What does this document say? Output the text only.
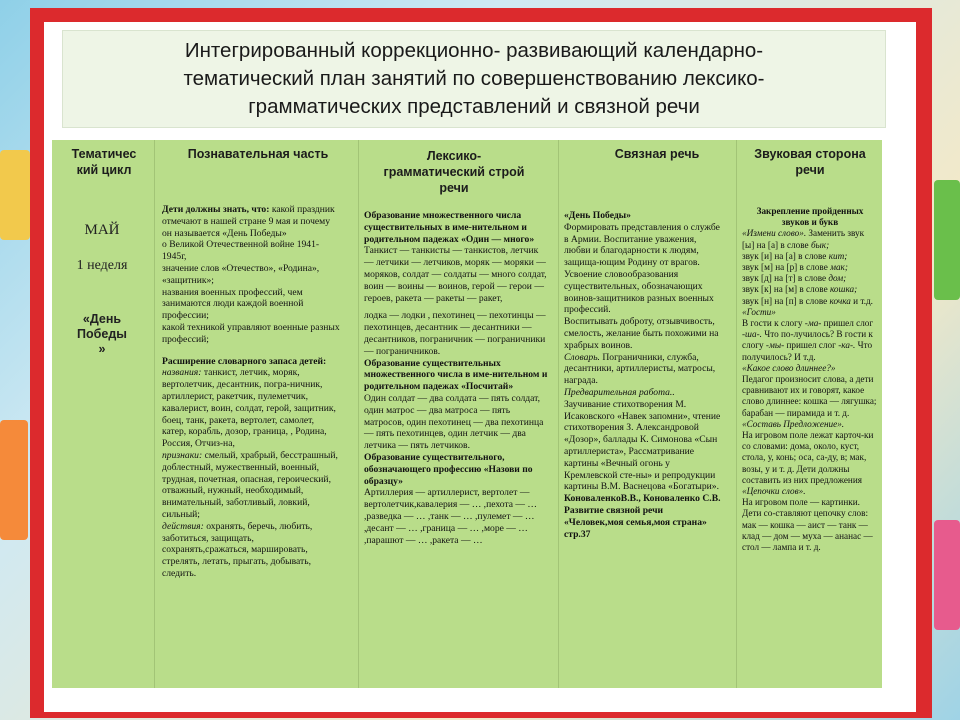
Интегрированный коррекционно- развивающий календарно-
тематический план занятий по совершенствованию лексико-
грамматических представлений и связной речи
Тематичес
кий цикл
Познавательная часть	Лексико-
грамматический строй
речи
Связная речь	Звуковая сторона
речи
МАЙ
1 неделя
«День
Победы
»

Дети должны знать, что: какой праздник отмечают в нашей стране 9 мая и почему он называется «День Победы»

о Великой Отечественной войне 1941-1945г,

значение слов «Отечество», «Родина», «защитник»;

названия военных профессий, чем занимаются люди каждой военной профессии;

какой техникой управляют военные разных профессий;

Расширение словарного запаса детей:

названия: танкист, летчик, моряк, вертолетчик, десантник, погра-ничник, артиллерист, ракетчик, пулеметчик, кавалерист, воин, солдат, герой, защитник, боец, танк, ракета, вертолет, самолет, катер, корабль, дозор, граница, , Родина, Россия, Отчиз-на,

признаки: смелый, храбрый, бесстрашный, доблестный, мужественный, военный, трудная, почетная, опасная, героический, отважный, нужный, необходимый, внимательный, заботливый, ловкий, сильный;

действия: охранять, беречь, любить, заботиться, защищать, сохранять,сражаться, маршировать, стрелять, летать, прыгать, добывать, следить.

Образование множественного числа существительных в име-нительном и родительном падежах «Один — много»

Танкист — танкисты — танкистов, летчик — летчики — летчиков, моряк — моряки — моряков, солдат — солдаты — много солдат, воин — воины — воинов, герой — герои — героев, ракета — ракеты — ракет,

лодка — лодки , пехотинец — пехотинцы — пехотинцев, десантник — десантники — десантников, пограничник — пограничники — пограничников.

Образование существительных множественного числа в име-нительном и родительном падежах «Посчитай»

Один солдат — два солдата — пять солдат, один матрос — два матроса — пять матросов, один пехотинец — два пехотинца — пять пехотинцев, один летчик — два летчика — пять летчиков.

Образование существительного, обозначающего профессию «Назови по образцу»

Артиллерия — артиллерист, вертолет — вертолетчик,кавалерия — … ,пехота — … ,разведка — … ,танк — … ,пулемет — … ,десант — … ,граница — … ,море — … ,парашют — … ,ракета — …

«День Победы»

Формировать представления о службе в Армии. Воспитание уважения, любви и благодарности к людям, защища-ющим Родину от врагов.

Усвоение словообразования существительных, обозначающих воинов-защитников разных военных профессий.

Воспитывать доброту, отзывчивость, смелость, желание быть похожими на храбрых воинов.

Словарь. Пограничники, служба, десантники, артиллеристы, матросы, награда.

Предварительная работа..

Заучивание стихотворения М. Исаковского «Навек запомни», чтение стихотворения З. Александровой «Дозор», баллады К. Симонова «Сын артиллериста», Рассматривание картины «Вечный огонь у Кремлевской сте-ны» и репродукции картины В.М. Васнецова «Богатыри».

КоноваленкоВ.В., Коноваленко С.В. Развитие связной речи «Человек,моя семья,моя страна» стр.37

Закрепление пройденных звуков и букв

«Измени слово». Заменить звук [ы] на [а] в слове бык;

звук [и] на [а] в слове кит;

звук [м] на [р] в слове мак;

звук [д] на [т] в слове дом;

звук [к] на [м] в слове кошка;

звук [н] на [п] в слове кочка и т.д.

«Гости»

В гости к слогу -ма- пришел слог -ша-. Что по-лучилось? В гости к слогу -мы- пришел слог -ка-. Что получилось? И т.д.

«Какое слово длиннее?»

Педагог произносит слова, а дети сравнивают их и говорят, какое слово длиннее: кошка — лягушка; барабан — пирамида и т. д.

«Составь Предложение».

На игровом поле лежат карточ-ки со словами: дома, около, куст, стола, у, конь; оса, са-ду, в; мак, возы, у и т. д. Дети должны составить из них предложения

«Цепочки слов».

На игровом поле — картинки. Дети со-ставляют цепочку слов: мак — кошка — аист — танк — клад — дом — муха — ананас — стол — лампа и т. д.
